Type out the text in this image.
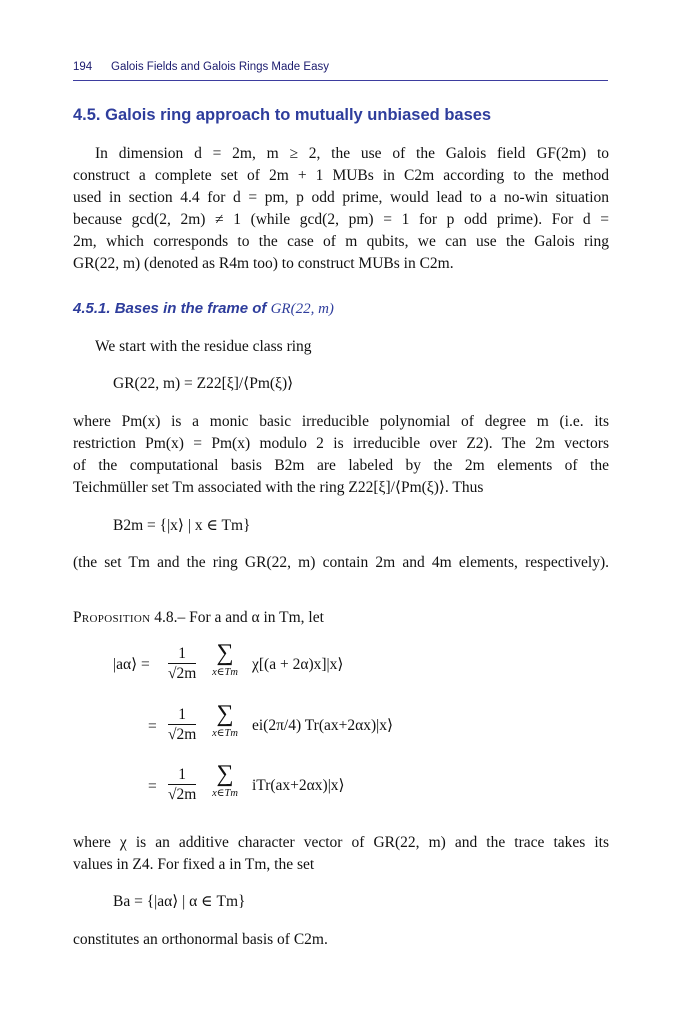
194 Galois Fields and Galois Rings Made Easy
4.5. Galois ring approach to mutually unbiased bases
In dimension d = 2m, m ≥ 2, the use of the Galois field GF(2m) to
construct a complete set of 2m + 1 MUBs in C2m according to the method
used in section 4.4 for d = pm, p odd prime, would lead to a no-win situation
because gcd(2, 2m) ≠ 1 (while gcd(2, pm) = 1 for p odd prime). For d =
2m, which corresponds to the case of m qubits, we can use the Galois ring
GR(22, m) (denoted as R4m too) to construct MUBs in C2m.
4.5.1. Bases in the frame of GR(22, m)
We start with the residue class ring
GR(22, m) = Z22[ξ]/⟨Pm(ξ)⟩
where Pm(x) is a monic basic irreducible polynomial of degree m (i.e. its
restriction Pm(x) = Pm(x) modulo 2 is irreducible over Z2). The 2m vectors
of the computational basis B2m are labeled by the 2m elements of the
Teichmüller set Tm associated with the ring Z22[ξ]/⟨Pm(ξ)⟩. Thus
B2m = {|x⟩ | x ∈ Tm}
(the set Tm and the ring GR(22, m) contain 2m and 4m elements, respectively).
Proposition 4.8.– For a and α in Tm, let
|aα⟩ = $\frac{1}{√2m}$ ∑
x∈Tm χ[(a + 2α)x]|x⟩
= $\frac{1}{√2m}$ ∑
x∈Tm ei(2π/4) Tr(ax+2αx)|x⟩
= $\frac{1}{√2m}$ ∑
x∈Tm iTr(ax+2αx)|x⟩
where χ is an additive character vector of GR(22, m) and the trace takes its
values in Z4. For fixed a in Tm, the set
Ba = {|aα⟩ | α ∈ Tm}
constitutes an orthonormal basis of C2m.
